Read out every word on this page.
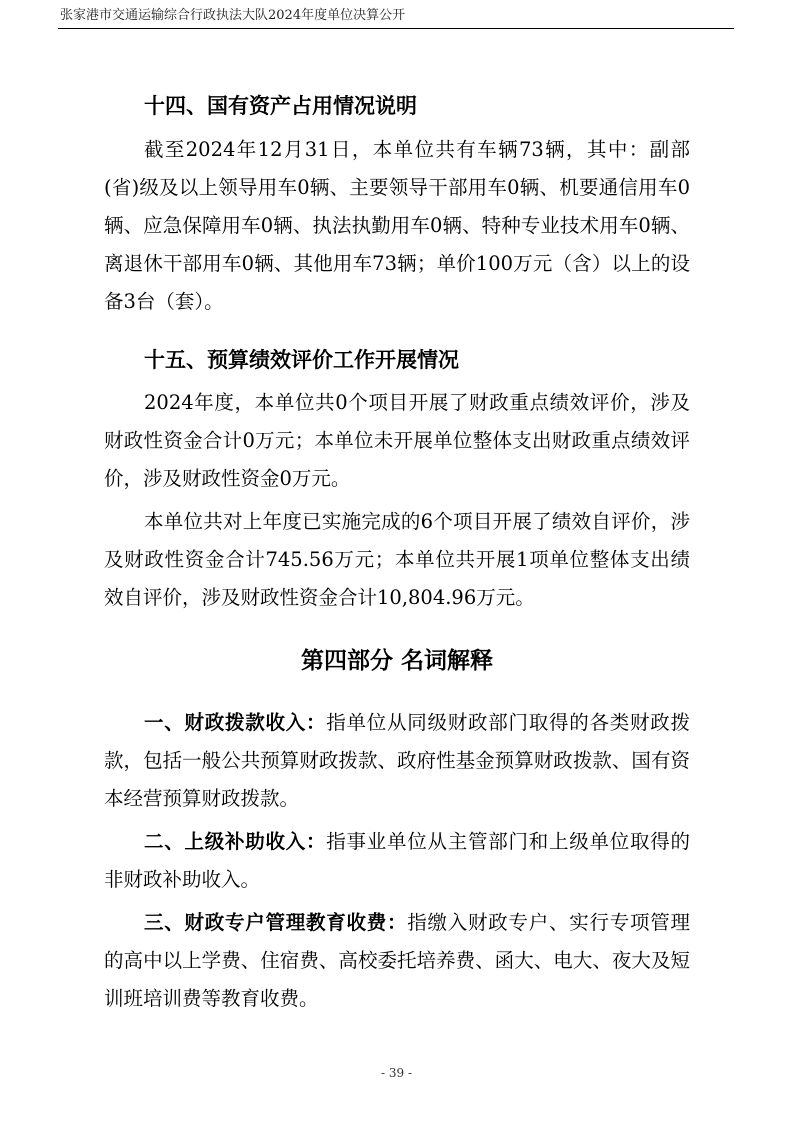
张家港市交通运输综合行政执法大队2024年度单位决算公开
十四、国有资产占用情况说明
截至2024年12月31日，本单位共有车辆73辆，其中：副部(省)级及以上领导用车0辆、主要领导干部用车0辆、机要通信用车0辆、应急保障用车0辆、执法执勤用车0辆、特种专业技术用车0辆、离退休干部用车0辆、其他用车73辆；单价100万元（含）以上的设备3台（套）。
十五、预算绩效评价工作开展情况
2024年度，本单位共0个项目开展了财政重点绩效评价，涉及财政性资金合计0万元；本单位未开展单位整体支出财政重点绩效评价，涉及财政性资金0万元。
本单位共对上年度已实施完成的6个项目开展了绩效自评价，涉及财政性资金合计745.56万元；本单位共开展1项单位整体支出绩效自评价，涉及财政性资金合计10,804.96万元。
第四部分 名词解释
一、财政拨款收入：指单位从同级财政部门取得的各类财政拨款，包括一般公共预算财政拨款、政府性基金预算财政拨款、国有资本经营预算财政拨款。
二、上级补助收入：指事业单位从主管部门和上级单位取得的非财政补助收入。
三、财政专户管理教育收费：指缴入财政专户、实行专项管理的高中以上学费、住宿费、高校委托培养费、函大、电大、夜大及短训班培训费等教育收费。
- 39 -
